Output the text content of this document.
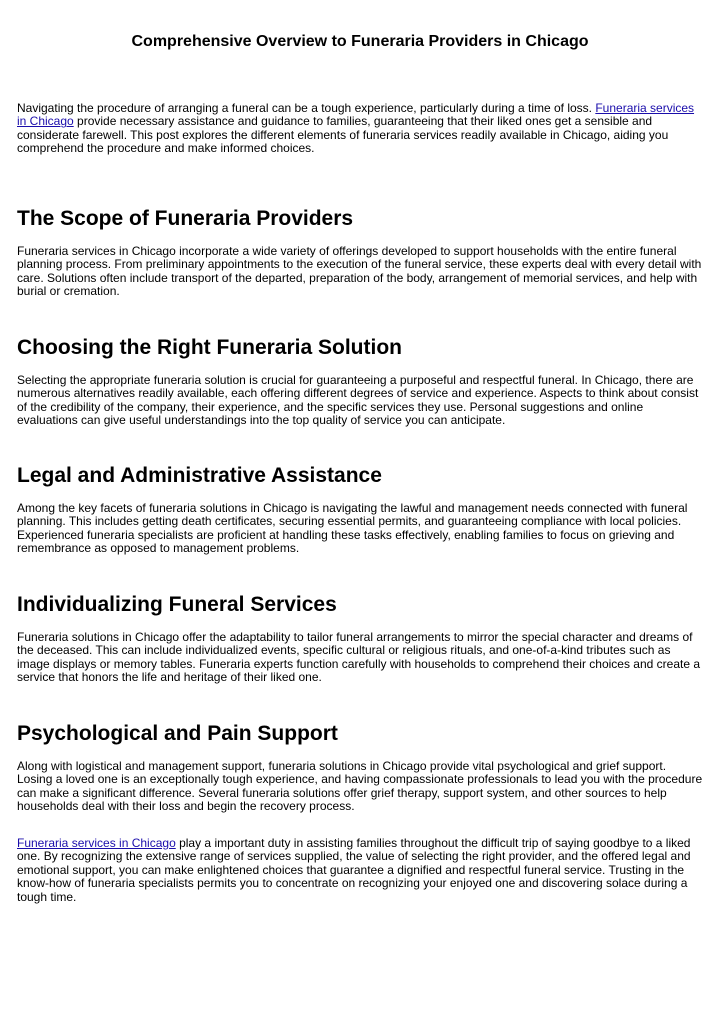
Comprehensive Overview to Funeraria Providers in Chicago

Navigating the procedure of arranging a funeral can be a tough experience, particularly during a time of loss. Funeraria services in Chicago provide necessary assistance and guidance to families, guaranteeing that their liked ones get a sensible and considerate farewell. This post explores the different elements of funeraria services readily available in Chicago, aiding you comprehend the procedure and make informed choices.

The Scope of Funeraria Providers

Funeraria services in Chicago incorporate a wide variety of offerings developed to support households with the entire funeral planning process. From preliminary appointments to the execution of the funeral service, these experts deal with every detail with care. Solutions often include transport of the departed, preparation of the body, arrangement of memorial services, and help with burial or cremation.

Choosing the Right Funeraria Solution

Selecting the appropriate funeraria solution is crucial for guaranteeing a purposeful and respectful funeral. In Chicago, there are numerous alternatives readily available, each offering different degrees of service and experience. Aspects to think about consist of the credibility of the company, their experience, and the specific services they use. Personal suggestions and online evaluations can give useful understandings into the top quality of service you can anticipate.

Legal and Administrative Assistance

Among the key facets of funeraria solutions in Chicago is navigating the lawful and management needs connected with funeral planning. This includes getting death certificates, securing essential permits, and guaranteeing compliance with local policies. Experienced funeraria specialists are proficient at handling these tasks effectively, enabling families to focus on grieving and remembrance as opposed to management problems.

Individualizing Funeral Services

Funeraria solutions in Chicago offer the adaptability to tailor funeral arrangements to mirror the special character and dreams of the deceased. This can include individualized events, specific cultural or religious rituals, and one-of-a-kind tributes such as image displays or memory tables. Funeraria experts function carefully with households to comprehend their choices and create a service that honors the life and heritage of their liked one.

Psychological and Pain Support

Along with logistical and management support, funeraria solutions in Chicago provide vital psychological and grief support. Losing a loved one is an exceptionally tough experience, and having compassionate professionals to lead you with the procedure can make a significant difference. Several funeraria solutions offer grief therapy, support system, and other sources to help households deal with their loss and begin the recovery process.

Funeraria services in Chicago play a important duty in assisting families throughout the difficult trip of saying goodbye to a liked one. By recognizing the extensive range of services supplied, the value of selecting the right provider, and the offered legal and emotional support, you can make enlightened choices that guarantee a dignified and respectful funeral service. Trusting in the know-how of funeraria specialists permits you to concentrate on recognizing your enjoyed one and discovering solace during a tough time.
